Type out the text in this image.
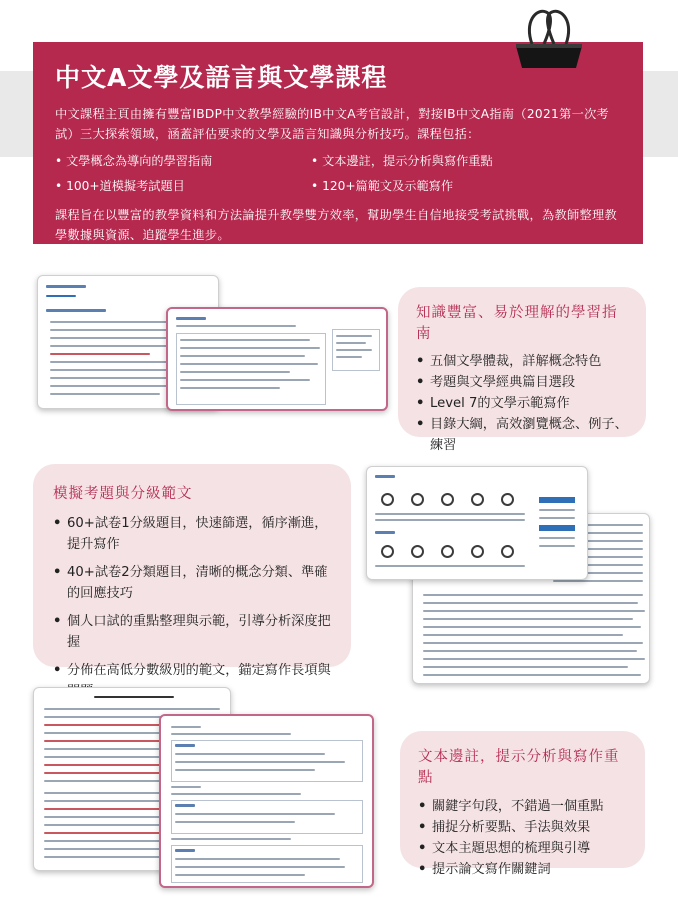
中文A文學及語言與文學課程

中文課程主頁由擁有豐富IBDP中文教學經驗的IB中文A考官設計，對接IB中文A指南（2021第一次考試）三大探索領域，涵蓋評估要求的文學及語言知識與分析技巧。課程包括：

• 文學概念為導向的學習指南	• 文本邊註，提示分析與寫作重點
• 100+道模擬考試題目	• 120+篇範文及示範寫作

課程旨在以豐富的教學資料和方法論提升教學雙方效率，幫助學生自信地接受考試挑戰，為教師整理教學數據與資源、追蹤學生進步。

知識豐富、易於理解的學習指南
• 五個文學體裁，詳解概念特色
• 考題與文學經典篇目選段
• Level 7的文學示範寫作
• 目錄大綱，高效瀏覽概念、例子、練習
模擬考題與分級範文
• 60+試卷1分級題目，快速篩選，循序漸進，提升寫作
• 40+試卷2分類題目，清晰的概念分類、準確的回應技巧
• 個人口試的重點整理與示範，引導分析深度把握
• 分佈在高低分數級別的範文，錨定寫作長項與
文本邊註，提示分析與寫作重點
• 關鍵字句段，不錯過一個重點
• 捕捉分析要點、手法與效果
• 文本主題思想的梳理與引導
• 提示論文寫作關鍵詞
